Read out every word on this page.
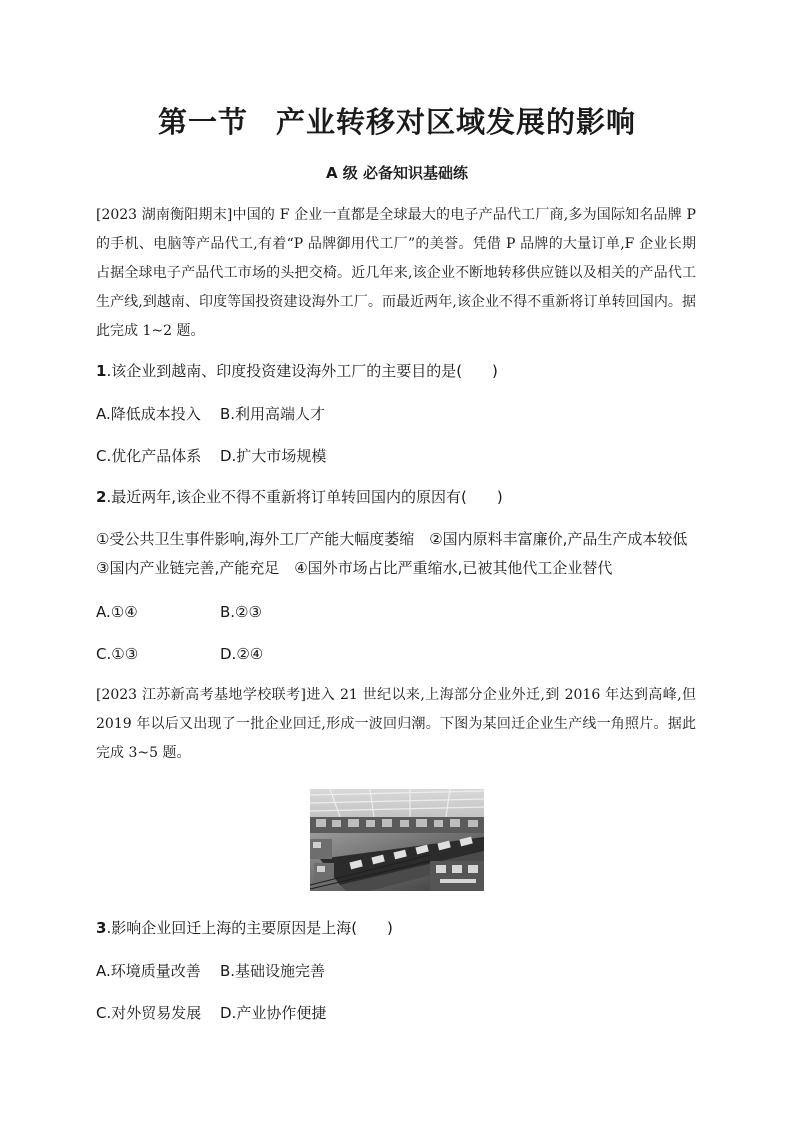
第一节 产业转移对区域发展的影响
A 级 必备知识基础练
[2023 湖南衡阳期末]中国的 F 企业一直都是全球最大的电子产品代工厂商,多为国际知名品牌 P 的手机、电脑等产品代工,有着“P 品牌御用代工厂”的美誉。凭借 P 品牌的大量订单,F 企业长期占据全球电子产品代工市场的头把交椅。近几年来,该企业不断地转移供应链以及相关的产品代工生产线,到越南、印度等国投资建设海外工厂。而最近两年,该企业不得不重新将订单转回国内。据此完成 1~2 题。
1.该企业到越南、印度投资建设海外工厂的主要目的是(　　)
A.降低成本投入 B.利用高端人才
C.优化产品体系 D.扩大市场规模
2.最近两年,该企业不得不重新将订单转回国内的原因有(　　)
①受公共卫生事件影响,海外工厂产能大幅度萎缩　②国内原料丰富廉价,产品生产成本较低　③国内产业链完善,产能充足　④国外市场占比严重缩水,已被其他代工企业替代
A.①④	B.②③
C.①③	D.②④
[2023 江苏新高考基地学校联考]进入 21 世纪以来,上海部分企业外迁,到 2016 年达到高峰,但 2019 年以后又出现了一批企业回迁,形成一波回归潮。下图为某回迁企业生产线一角照片。据此完成 3~5 题。
3.影响企业回迁上海的主要原因是上海(　　)
A.环境质量改善 B.基础设施完善
C.对外贸易发展 D.产业协作便捷
